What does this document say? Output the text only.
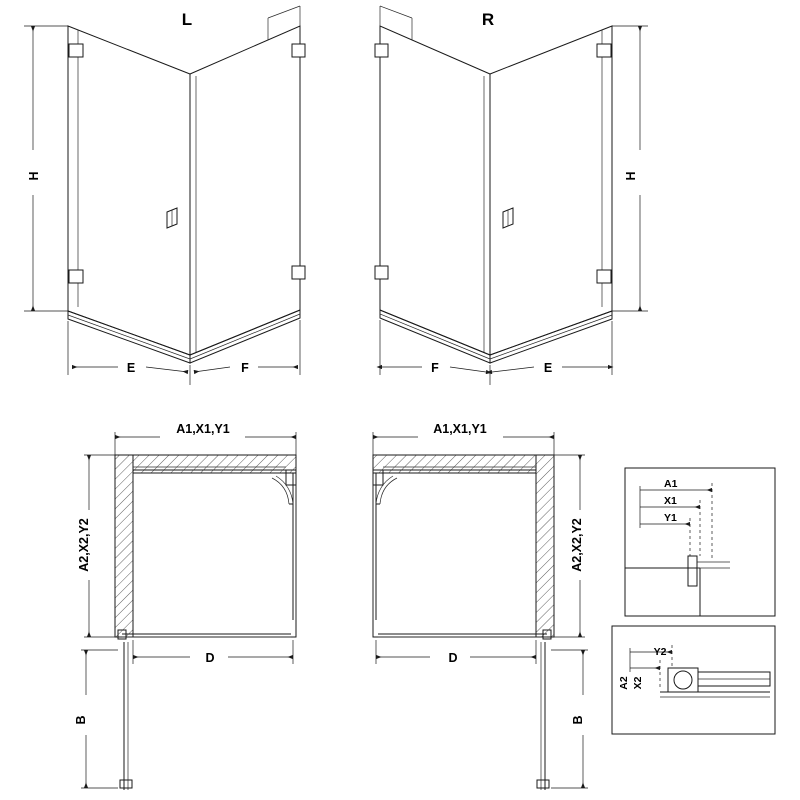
L	R
H	H
E	F	F	E
A1,X1,Y1	A1,X1,Y1
A2,X2,Y2	A2,X2,Y2
D	D
B	B
A1
X1
Y1
A2 X2
Y2
